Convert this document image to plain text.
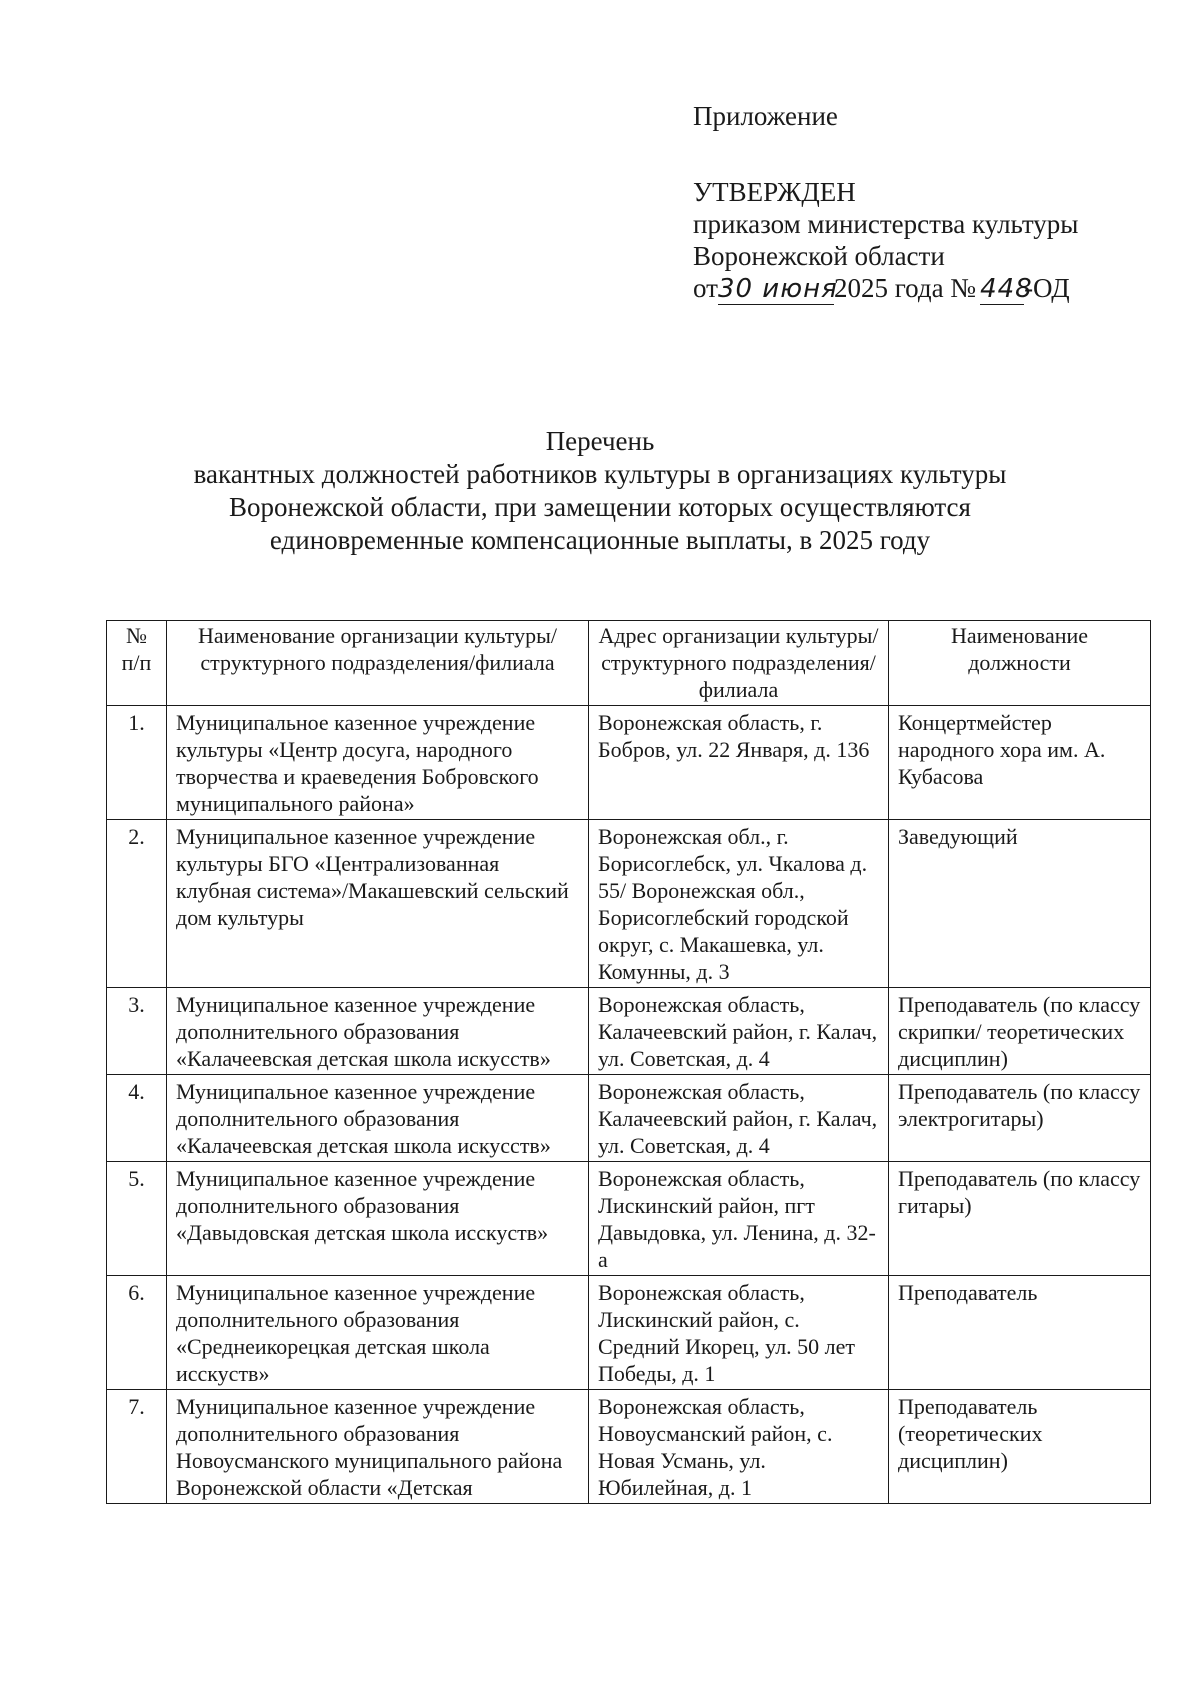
Приложение
УТВЕРЖДЕН
приказом министерства культуры
Воронежской области
от30 июня2025 года № 448-ОД
Перечень
вакантных должностей работников культуры в организациях культуры
Воронежской области, при замещении которых осуществляются
единовременные компенсационные выплаты, в 2025 году
№ п/п	Наименование организации культуры/структурного подразделения/филиала	Адрес организации культуры/структурного подразделения/филиала	Наименование должности
1.	Муниципальное казенное учреждение культуры «Центр досуга, народного творчества и краеведения Бобровского муниципального района»	Воронежская область, г. Бобров, ул. 22 Января, д. 136	Концертмейстер народного хора им. А. Кубасова
2.	Муниципальное казенное учреждение культуры БГО «Централизованная клубная система»/Макашевский сельский дом культуры	Воронежская обл., г. Борисоглебск, ул. Чкалова д. 55/ Воронежская обл., Борисоглебский городской округ, с. Макашевка, ул. Комунны, д. 3	Заведующий
3.	Муниципальное казенное учреждение дополнительного образования «Калачеевская детская школа искусств»	Воронежская область, Калачеевский район, г. Калач, ул. Советская, д. 4	Преподаватель (по классу скрипки/ теоретических дисциплин)
4.	Муниципальное казенное учреждение дополнительного образования «Калачеевская детская школа искусств»	Воронежская область, Калачеевский район, г. Калач, ул. Советская, д. 4	Преподаватель (по классу электрогитары)
5.	Муниципальное казенное учреждение дополнительного образования «Давыдовская детская школа исскуств»	Воронежская область, Лискинский район, пгт Давыдовка, ул. Ленина, д. 32-а	Преподаватель (по классу гитары)
6.	Муниципальное казенное учреждение дополнительного образования «Среднеикорецкая детская школа исскуств»	Воронежская область, Лискинский район, с. Средний Икорец, ул. 50 лет Победы, д. 1	Преподаватель
7.	Муниципальное казенное учреждение дополнительного образования Новоусманского муниципального района Воронежской области «Детская	Воронежская область, Новоусманский район, с. Новая Усмань, ул. Юбилейная, д. 1	Преподаватель (теоретических дисциплин)
